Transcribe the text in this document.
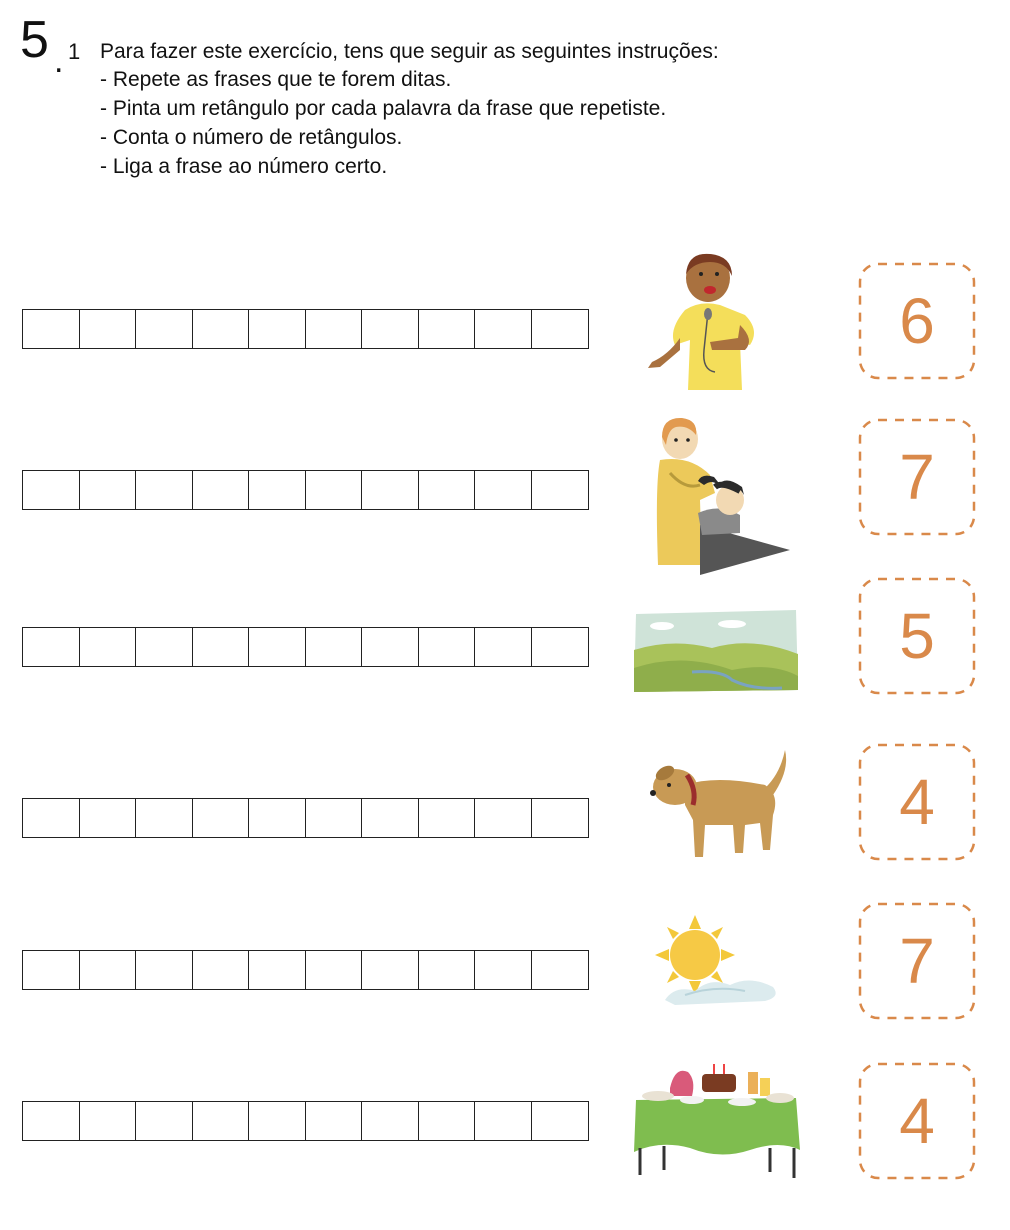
5 . 1 Para fazer este exercício, tens que seguir as seguintes instruções:
- Repete as frases que te forem ditas.
- Pinta um retângulo por cada palavra da frase que repetiste.
- Conta o número de retângulos.
- Liga a frase ao número certo.
6
7
5
4
7
4
